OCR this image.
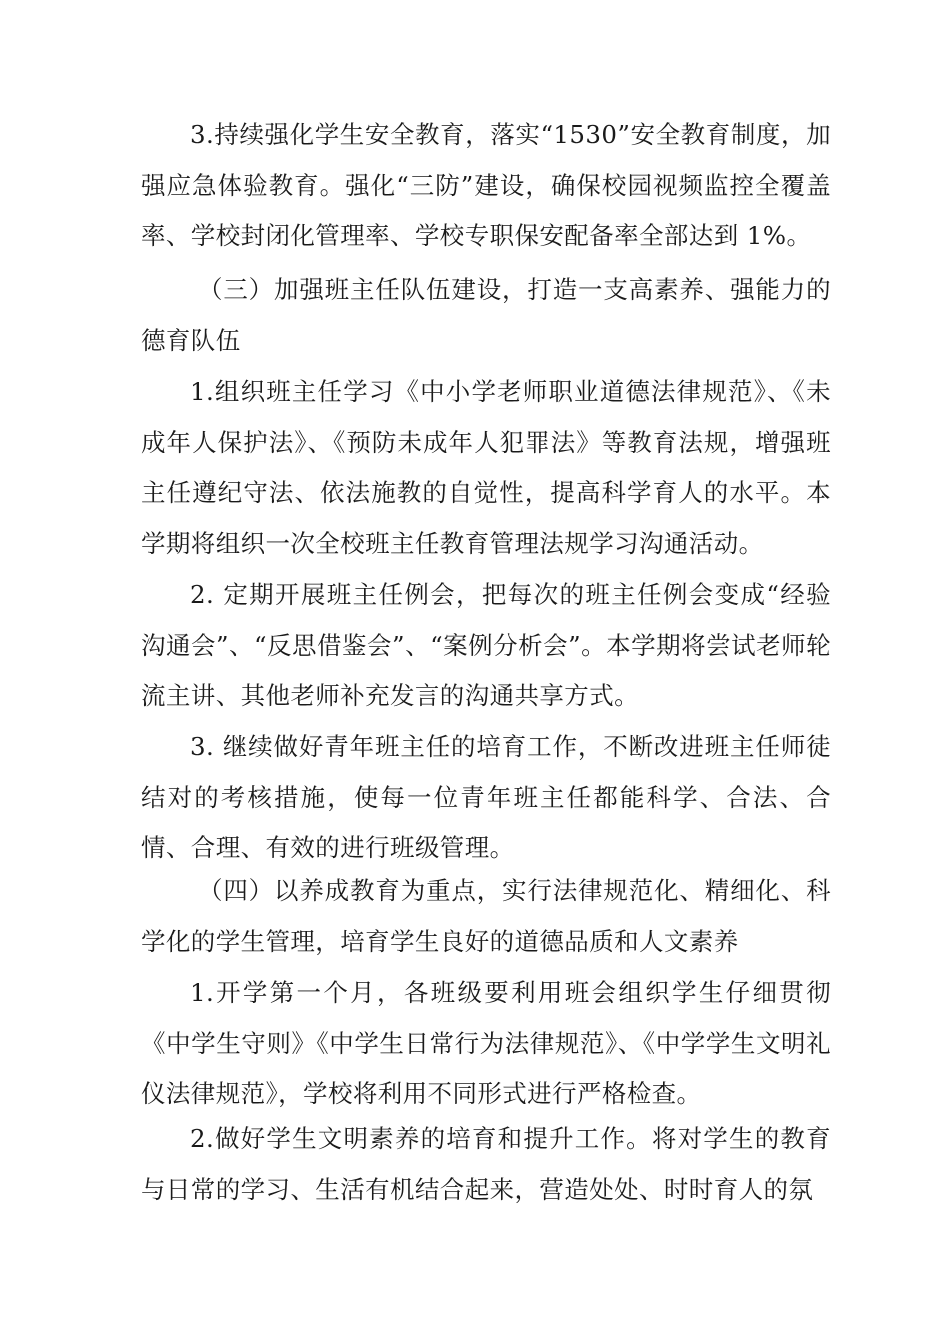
3.持续强化学生安全教育，落实“1530”安全教育制度，加强应急体验教育。强化“三防”建设，确保校园视频监控全覆盖率、学校封闭化管理率、学校专职保安配备率全部达到 1%。

（三）加强班主任队伍建设，打造一支高素养、强能力的德育队伍

1.组织班主任学习《中小学老师职业道德法律规范》、《未成年人保护法》、《预防未成年人犯罪法》等教育法规，增强班主任遵纪守法、依法施教的自觉性，提高科学育人的水平。本学期将组织一次全校班主任教育管理法规学习沟通活动。

2. 定期开展班主任例会，把每次的班主任例会变成“经验沟通会”、“反思借鉴会”、“案例分析会”。本学期将尝试老师轮流主讲、其他老师补充发言的沟通共享方式。

3. 继续做好青年班主任的培育工作，不断改进班主任师徒结对的考核措施，使每一位青年班主任都能科学、合法、合情、合理、有效的进行班级管理。

（四）以养成教育为重点，实行法律规范化、精细化、科学化的学生管理，培育学生良好的道德品质和人文素养

1.开学第一个月，各班级要利用班会组织学生仔细贯彻《中学生守则》《中学生日常行为法律规范》、《中学学生文明礼仪法律规范》，学校将利用不同形式进行严格检查。

2.做好学生文明素养的培育和提升工作。将对学生的教育与日常的学习、生活有机结合起来，营造处处、时时育人的氛
